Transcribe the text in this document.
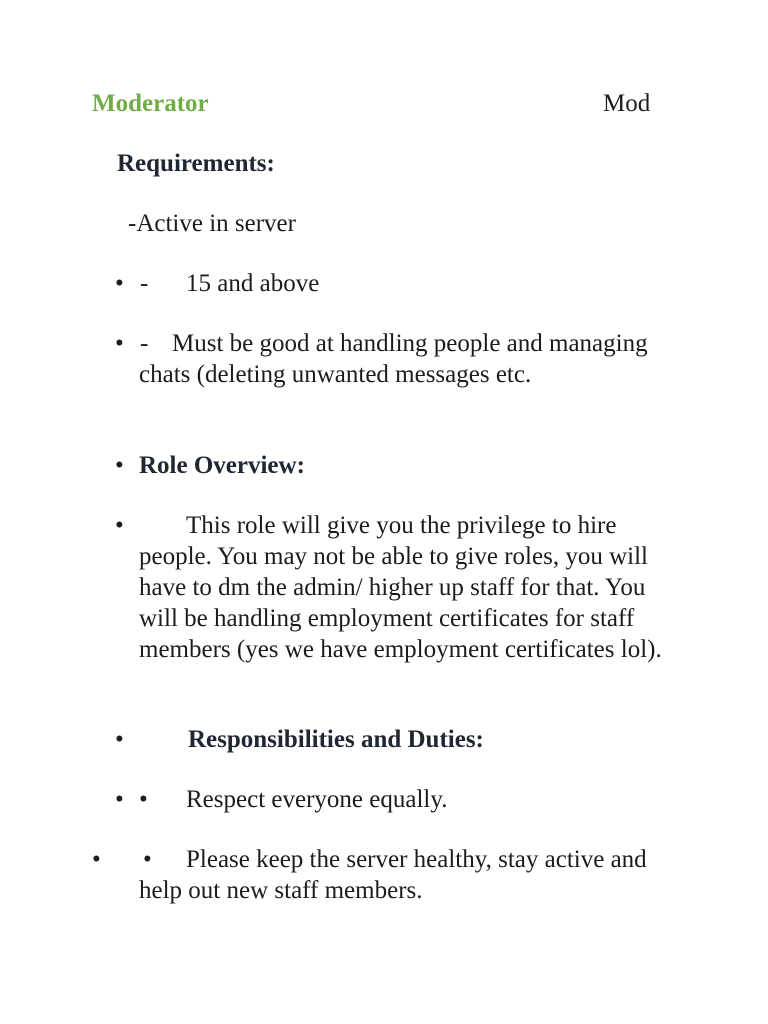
Moderator	Mod
Requirements:
-Active in server
• - 15 and above
• - Must be good at handling people and managing chats (deleting unwanted messages etc.
• Role Overview:
•	This role will give you the privilege to hire people. You may not be able to give roles, you will have to dm the admin/ higher up staff for that. You will be handling employment certificates for staff members (yes we have employment certificates lol).
•	Responsibilities and Duties:
• • Respect everyone equally.
• •	Please keep the server healthy, stay active and help out new staff members.
